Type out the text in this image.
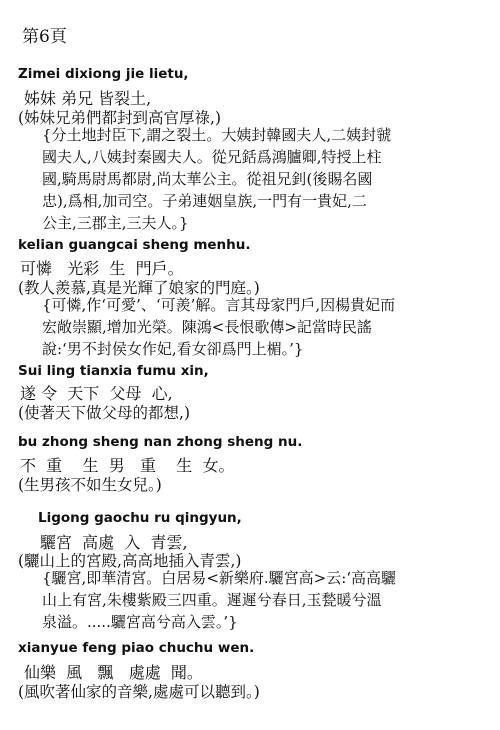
第6頁
Zimei dixiong jie lietu,
姊妹 弟兄 皆裂土,
(姊妹兄弟們都封到高官厚祿,)
{分土地封臣下,謂之裂土。大姨封韓國夫人,二姨封虢
國夫人,八姨封秦國夫人。從兄銛爲鴻臚卿,特授上柱
國,騎馬尉馬都尉,尚太華公主。從祖兄釗(後賜名國
忠),爲相,加司空。子弟連姻皇族,一門有一貴妃,二
公主,三郡主,三夫人。}
kelian guangcai sheng menhu.
可憐   光彩  生  門戶。
(教人羨慕,真是光輝了娘家的門庭。)
{可憐,作‘可愛’、‘可羨’解。言其母家門戶,因楊貴妃而
宏敞崇顯,增加光榮。陳鴻<長恨歌傳>記當時民謠
說:‘男不封侯女作妃,看女卻爲門上楣。’}
Sui ling tianxia fumu xin,
遂 令  天下  父母  心,
(使著天下做父母的都想,)
bu zhong sheng nan zhong sheng nu.
不  重    生  男   重    生  女。
(生男孩不如生女兒。)
Ligong gaochu ru qingyun,
驪宮  高處  入  青雲,
(驪山上的宮殿,高高地插入青雲,)
{驪宮,即華清宮。白居易<新樂府.驪宮高>云:‘高高驪
山上有宮,朱樓紫殿三四重。遲遲兮春日,玉甃暖兮溫
泉溢。.....驪宮高兮高入雲。’}
xianyue feng piao chuchu wen.
仙樂  風   飄   處處  聞。
(風吹著仙家的音樂,處處可以聽到。)
